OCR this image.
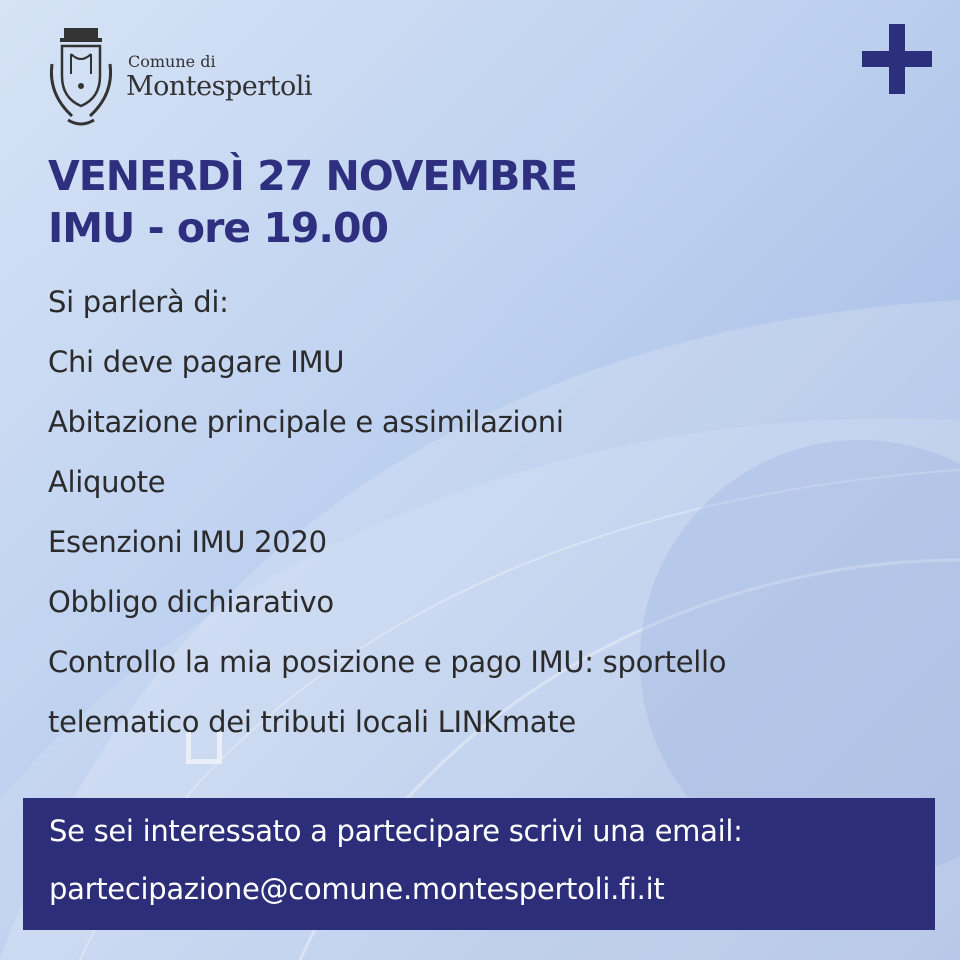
Comune di
Montespertoli
VENERDÌ 27 NOVEMBRE
IMU - ore 19.00
Si parlerà di:
Chi deve pagare IMU
Abitazione principale e assimilazioni
Aliquote
Esenzioni IMU 2020
Obbligo dichiarativo
Controllo la mia posizione e pago IMU: sportello
telematico dei tributi locali LINKmate
Se sei interessato a partecipare scrivi una email:
partecipazione@comune.montespertoli.fi.it
